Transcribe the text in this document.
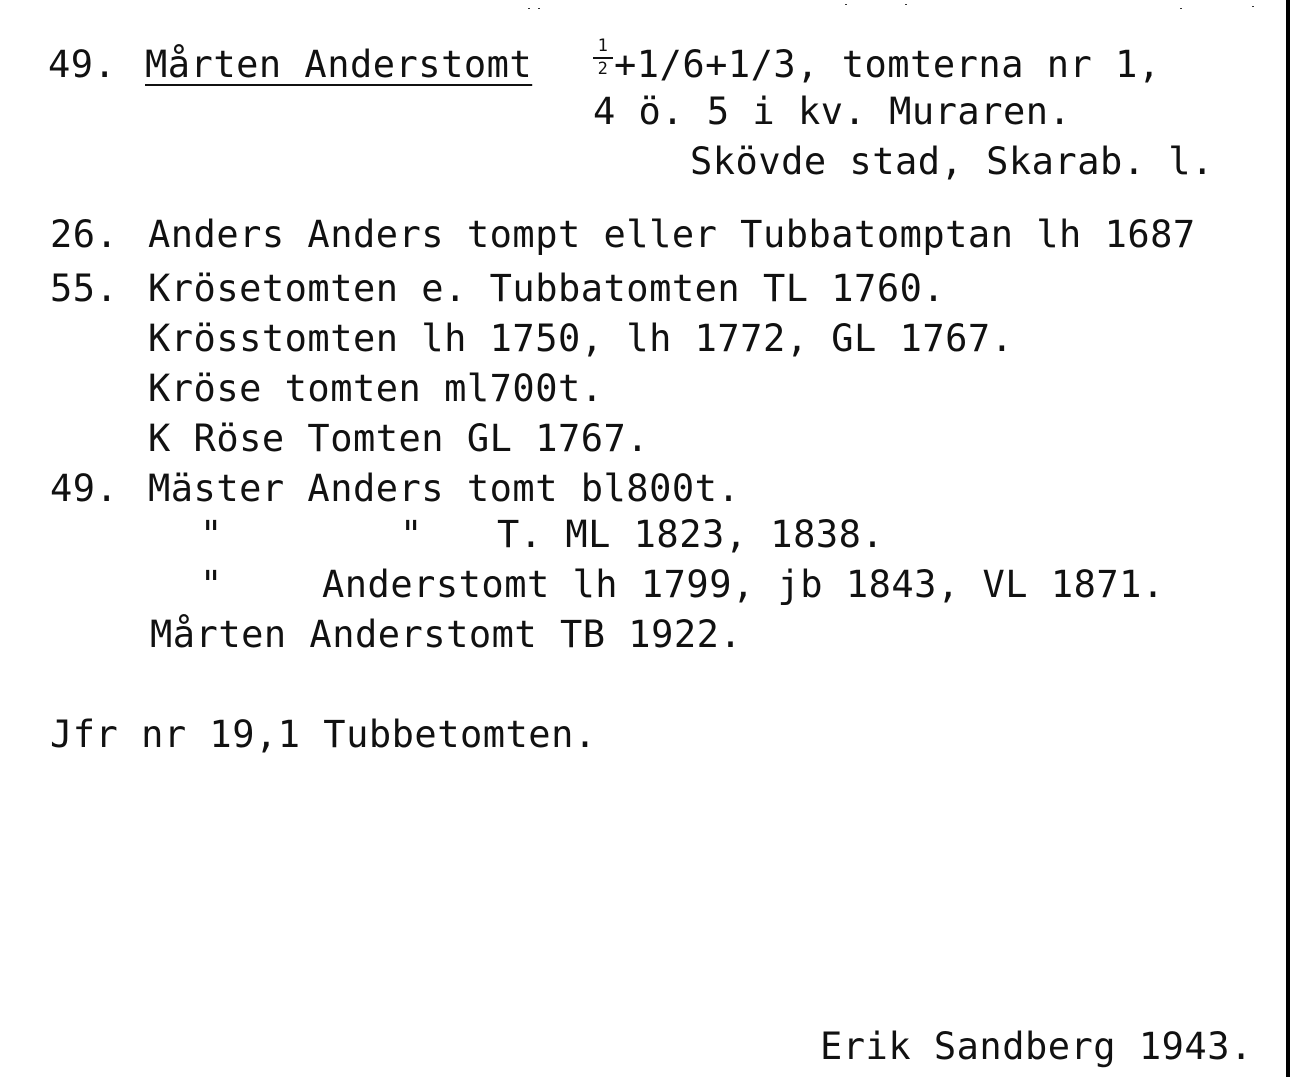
49. Mårten Anderstomt	1
2 +1/6+1/3, tomterna nr 1,
4 ö. 5 i kv. Muraren.
Skövde stad, Skarab. l.
26. Anders Anders tompt eller Tubbatomptan lh 1687
55. Krösetomten e. Tubbatomten TL 1760.
Krösstomten lh 1750, lh 1772, GL 1767.
Kröse tomten ml700t.
K Röse Tomten GL 1767.
49. Mäster Anders tomt bl800t.
"	" T. ML 1823, 1838.
"	Anderstomt lh 1799, jb 1843, VL 1871.
Mårten Anderstomt TB 1922.
Jfr nr 19,1 Tubbetomten.
Erik Sandberg 1943.
